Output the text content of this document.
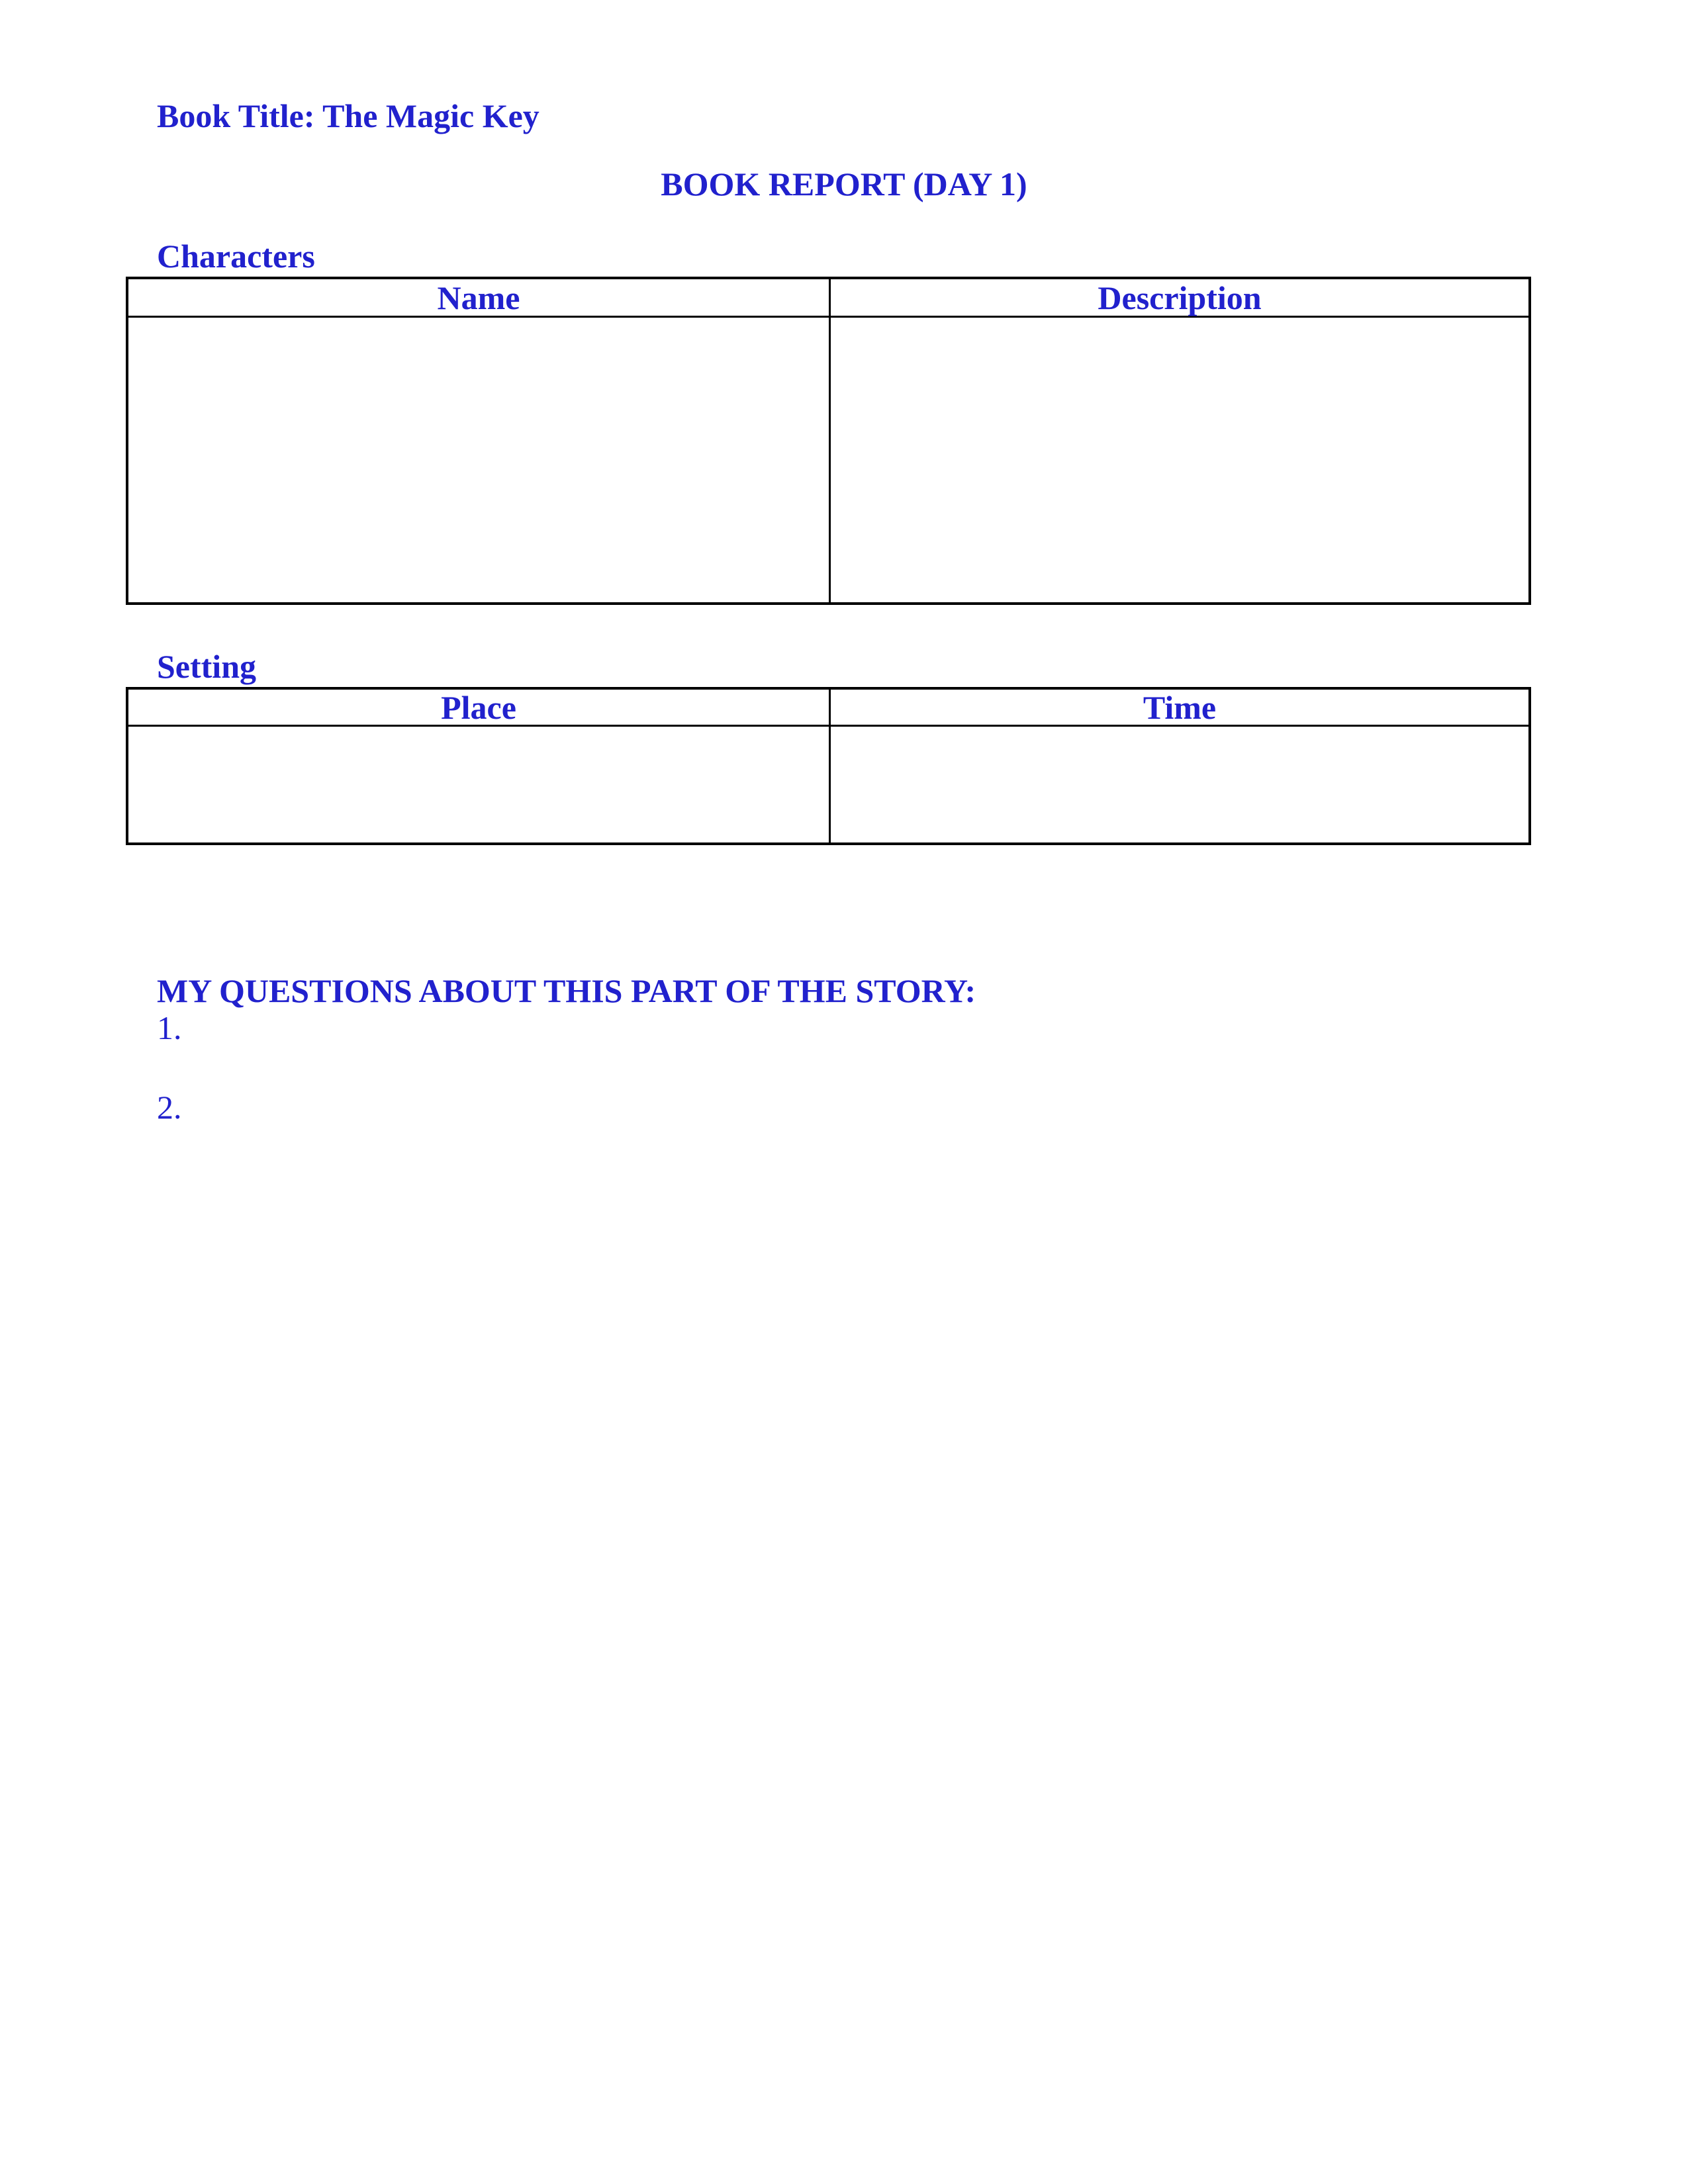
Book Title: The Magic Key
BOOK REPORT (DAY 1)
Characters
Name	Description
Setting
Place	Time
MY QUESTIONS ABOUT THIS PART OF THE STORY:
1.
2.
